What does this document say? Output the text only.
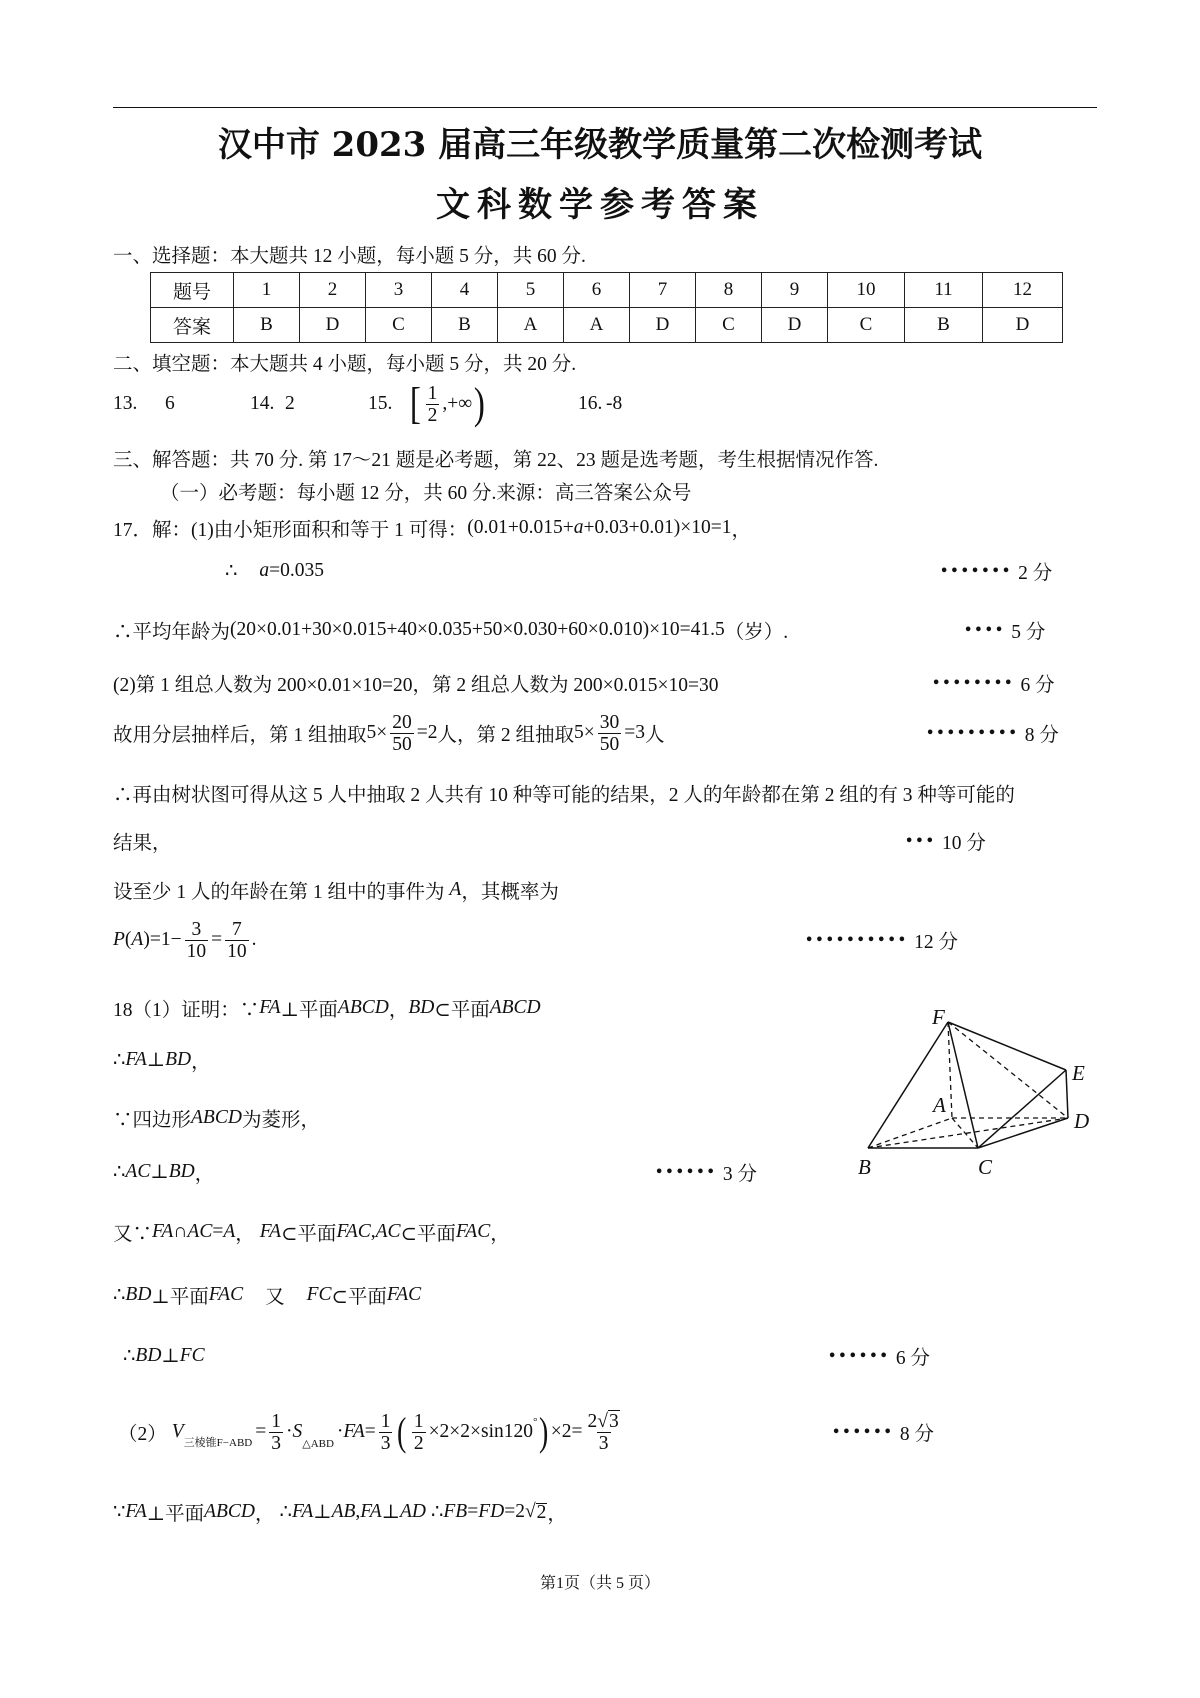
汉中市 2023 届高三年级教学质量第二次检测考试
文科数学参考答案
一、选择题：本大题共 12 小题，每小题 5 分，共 60 分.
题号	1	2	3	4	5	6	7	8	9	10	11	12
答案	B	D	C	B	A	A	D	C	D	C	B	D
二、填空题：本大题共 4 小题，每小题 5 分，共 20 分.
13. 6	14. 2	15. [ $\frac{1}{2}$ ,+∞ )	16. -8
三、解答题：共 70 分. 第 17～21 题是必考题，第 22、23 题是选考题，考生根据情况作答.
（一）必考题：每小题 12 分，共 60 分.来源：高三答案公众号
17．解：(1)由小矩形面积和等于 1 可得： (0.01+0.015+ a +0.03+0.01)×10=1 ，
∴ a =0.035	••••••• 2 分
∴平均年龄为 (20×0.01+30×0.015+40×0.035+50×0.030+60×0.010)×10=41.5 （岁）.	•••• 5 分
(2)第 1 组总人数为 200×0.01×10=20，第 2 组总人数为 200×0.015×10=30	•••••••• 6 分
故用分层抽样后，第 1 组抽取 $5\times \frac{20}{50} =2$ 人，第 2 组抽取 $5\times \frac{30}{50} =3$ 人	••••••••• 8 分
∴再由树状图可得从这 5 人中抽取 2 人共有 10 种等可能的结果，2 人的年龄都在第 2 组的有 3 种等可能的
结果，	••• 10 分
设至少 1 人的年龄在第 1 组中的事件为 A ，其概率为
P ( A ) $=1- \frac{3}{10} = \frac{7}{10}$ .	•••••••••• 12 分
18（1）证明：∵ FA ⊥平面 ABCD ， BD ⊂平面 ABCD
∴ FA ⊥ BD ，
∵四边形 ABCD 为菱形，
∴ AC ⊥ BD ，	•••••• 3 分
又∵ FA ∩ AC = A ， FA ⊂平面 FAC , AC ⊂平面 FAC ，
∴ BD ⊥平面 FAC 又 FC ⊂平面 FAC
∴ BD ⊥ FC	•••••• 6 分
（2） V
三棱锥F−ABD
= $\frac{1}{3} \cdot S$
△ABD
· FA = $\frac{1}{3}$ ( $\frac{1}{2} \times 2\times 2\times\sin 120$ ° ) $\times 2 = \frac{2√3}{3}$	•••••• 8 分
∵ FA ⊥平面 ABCD ， ∴ FA ⊥ AB , FA ⊥ AD ∴ FB = FD =2 √ 2 ，
F
E
D
A
B	C
第1页（共 5 页）
